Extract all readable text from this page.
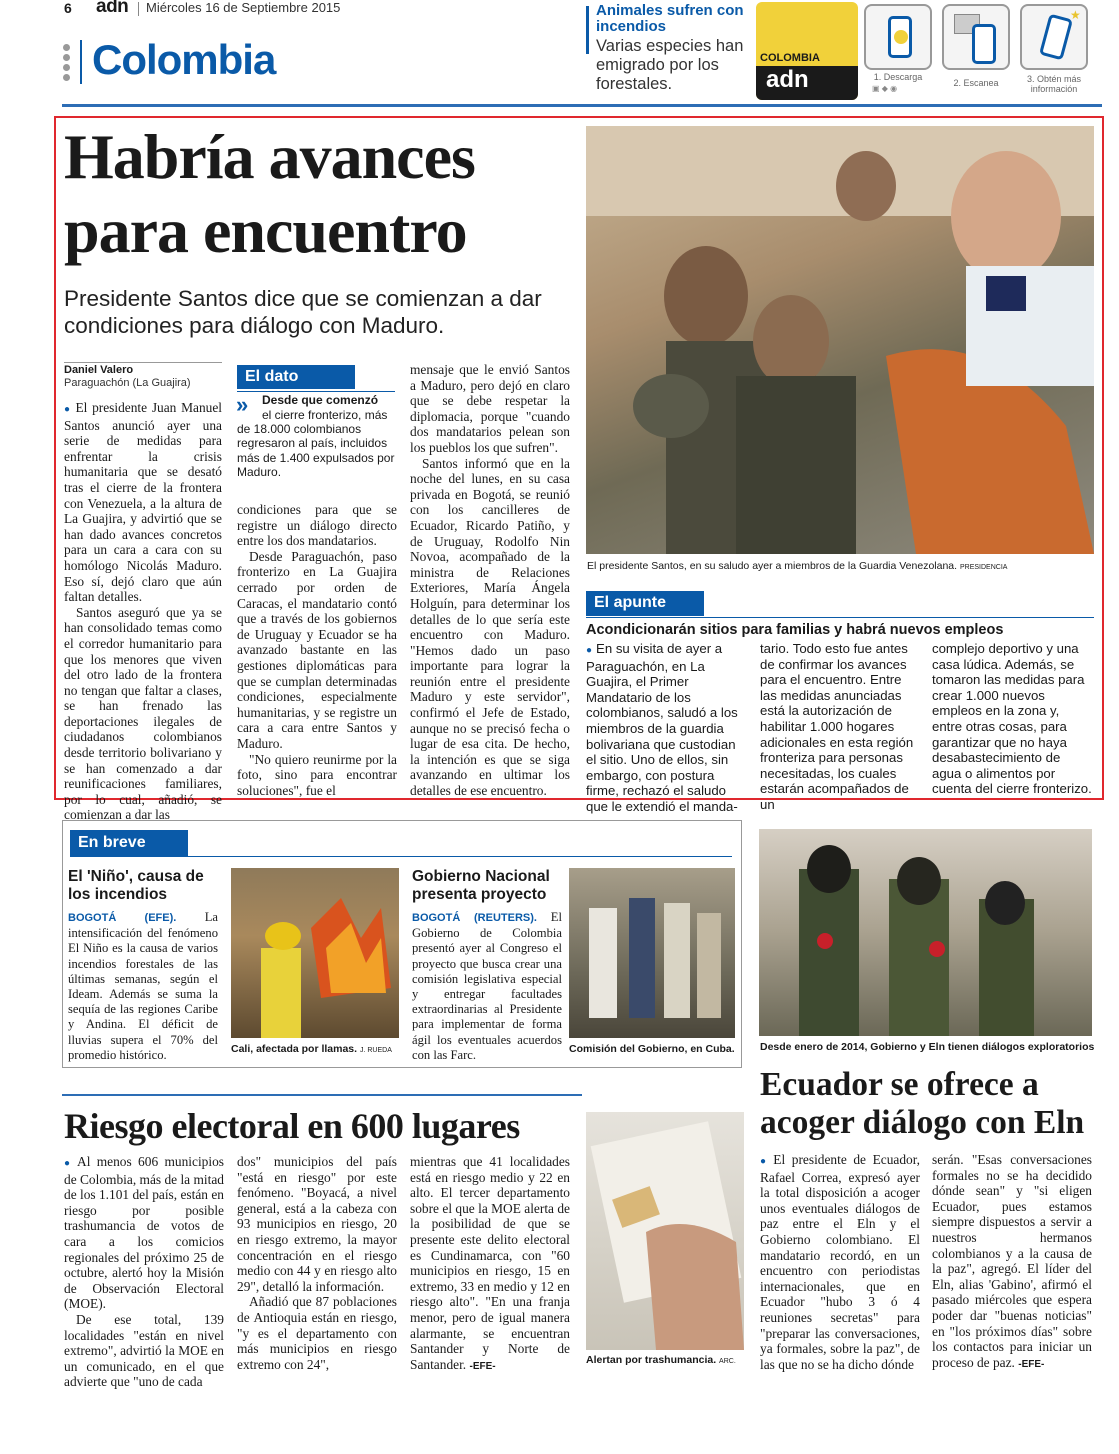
6 adn Miércoles 16 de Septiembre 2015
Colombia
Animales sufren con incendios
Varias especies han emigrado por los forestales.
COLOMBIA
adn
★
1. Descarga
2. Escanea	3. Obtén más información
▣ ◆ ◉
Habría avances para encuentro
Presidente Santos dice que se comienzan a dar condiciones para diálogo con Maduro.
Daniel Valero
Paraguachón (La Guajira)

● El presidente Juan Manuel Santos anunció ayer una serie de medidas para enfrentar la crisis humanitaria que se desató tras el cierre de la frontera con Venezuela, a la altura de La Guajira, y advirtió que se han dado avances concretos para un cara a cara con su homólogo Nicolás Maduro. Eso sí, dejó claro que aún faltan detalles.

Santos aseguró que ya se han consolidado temas como el corredor humanitario para que los menores que viven del otro lado de la frontera no tengan que faltar a clases, se han frenado las deportaciones ilegales de ciudadanos colombianos desde territorio bolivariano y se han comenzado a dar reunificaciones familiares, por lo cual, añadió, se comienzan a dar las

El dato
» Desde que comenzó
el cierre fronterizo, más de 18.000 colombianos regresaron al país, incluidos más de 1.400 expulsados por Maduro.

condiciones para que se registre un diálogo directo entre los dos mandatarios.

Desde Paraguachón, paso fronterizo en La Guajira cerrado por orden de Caracas, el mandatario contó que a través de los gobiernos de Uruguay y Ecuador se ha avanzado bastante en las gestiones diplomáticas para que se cumplan determinadas condiciones, especialmente humanitarias, y se registre un cara a cara entre Santos y Maduro.

"No quiero reunirme por la foto, sino para encontrar soluciones", fue el

mensaje que le envió Santos a Maduro, pero dejó en claro que se debe respetar la diplomacia, porque "cuando dos mandatarios pelean son los pueblos los que sufren".

Santos informó que en la noche del lunes, en su casa privada en Bogotá, se reunió con los cancilleres de Ecuador, Ricardo Patiño, y de Uruguay, Rodolfo Nin Novoa, acompañado de la ministra de Relaciones Exteriores, María Ángela Holguín, para determinar los detalles de lo que sería este encuentro con Maduro. "Hemos dado un paso importante para lograr la reunión entre el presidente Maduro y este servidor", confirmó el Jefe de Estado, aunque no se precisó fecha o lugar de esa cita. De hecho, la intención es que se siga avanzando en ultimar los detalles de ese encuentro.

El presidente Santos, en su saludo ayer a miembros de la Guardia Venezolana. PRESIDENCIA
El apunte
Acondicionarán sitios para familias y habrá nuevos empleos
● En su visita de ayer a Paraguachón, en La Guajira, el Primer Mandatario de los colombianos, saludó a los miembros de la guardia bolivariana que custodian el sitio. Uno de ellos, sin embargo, con postura firme, rechazó el saludo que le extendió el manda-
tario. Todo esto fue antes de confirmar los avances para el encuentro. Entre las medidas anunciadas está la autorización de habilitar 1.000 hogares adicionales en esta región fronteriza para personas necesitadas, los cuales estarán acompañados de un
complejo deportivo y una casa lúdica. Además, se tomaron las medidas para crear 1.000 nuevos empleos en la zona y, entre otras cosas, para garantizar que no haya desabastecimiento de agua o alimentos por cuenta del cierre fronterizo.
En breve
El 'Niño', causa de los incendios

BOGOTÁ (EFE). La intensificación del fenómeno El Niño es la causa de varios incendios forestales de las últimas semanas, según el Ideam. Además se suma la sequía de las regiones Caribe y Andina. El déficit de lluvias supera el 70% del promedio histórico.	Cali, afectada por llamas. J. RUEDA
Gobierno Nacional presenta proyecto

BOGOTÁ (REUTERS). El Gobierno de Colombia presentó ayer al Congreso el proyecto que busca crear una comisión legislativa especial y entregar facultades extraordinarias al Presidente para implementar de forma ágil los eventuales acuerdos con las Farc.	Comisión del Gobierno, en Cuba.	Desde enero de 2014, Gobierno y Eln tienen diálogos exploratorios
Ecuador se ofrece a acoger diálogo con Eln

● El presidente de Ecuador, Rafael Correa, expresó ayer la total disposición a acoger unos eventuales diálogos de paz entre el Eln y el Gobierno colombiano. El mandatario recordó, en un encuentro con periodistas internacionales, que en Ecuador "hubo 3 ó 4 reuniones secretas" para "preparar las conversaciones, ya formales, sobre la paz", de las que no se ha dicho dónde

serán. "Esas conversaciones formales no se ha decidido dónde sean" y "si eligen Ecuador, pues estamos siempre dispuestos a servir a nuestros hermanos colombianos y a la causa de la paz", agregó. El líder del Eln, alias 'Gabino', afirmó el pasado miércoles que espera poder dar "buenas noticias" en "los próximos días" sobre los contactos para iniciar un proceso de paz. -EFE-

Riesgo electoral en 600 lugares

● Al menos 606 municipios de Colombia, más de la mitad de los 1.101 del país, están en riesgo por posible trashumancia de votos de cara a los comicios regionales del próximo 25 de octubre, alertó hoy la Misión de Observación Electoral (MOE).

De ese total, 139 localidades "están en nivel extremo", advirtió la MOE en un comunicado, en el que advierte que "uno de cada

dos" municipios del país "está en riesgo" por este fenómeno. "Boyacá, a nivel general, está a la cabeza con 93 municipios en riesgo, 20 en riesgo extremo, la mayor concentración en el riesgo medio con 44 y en riesgo alto 29", detalló la información.

Añadió que 87 poblaciones de Antioquia están en riesgo, "y es el departamento con más municipios en riesgo extremo con 24",

mientras que 41 localidades está en riesgo medio y 22 en alto. El tercer departamento sobre el que la MOE alerta de la posibilidad de que se presente este delito electoral es Cundinamarca, con "60 municipios en riesgo, 15 en extremo, 33 en medio y 12 en riesgo alto". "En una franja menor, pero de igual manera alarmante, se encuentran Santander y Norte de Santander. -EFE-

Alertan por trashumancia. ARC.
